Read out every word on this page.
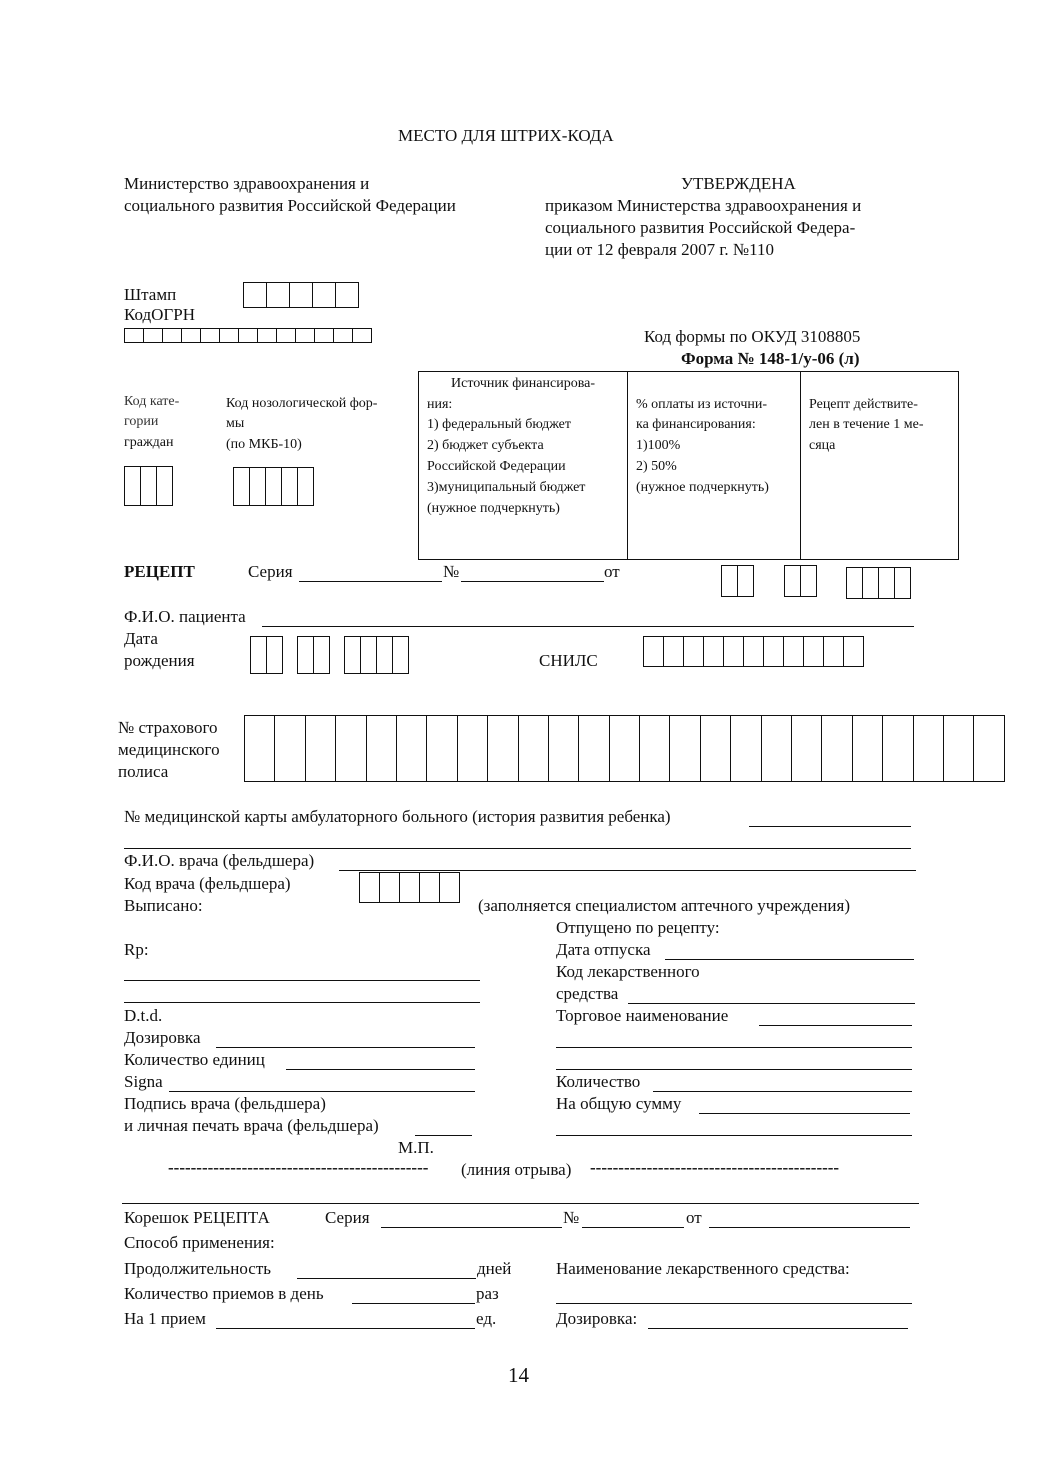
МЕСТО ДЛЯ ШТРИХ-КОДА
Министерство здравоохранения и
социального развития Российской Федерации
УТВЕРЖДЕНА
приказом Министерства здравоохранения и
социального развития Российской Федера-
ции от 12 февраля 2007 г. №110
Штамп
КодОГРН
Код формы по ОКУД 3108805
Форма № 148-1/у-06 (л)
Код кате-
гории
граждан
Код нозологической фор-
мы
(по МКБ-10)
Источник финансирова-
ния:
1) федеральный бюджет
2) бюджет субъекта
Российской Федерации
3)муниципальный бюджет
(нужное подчеркнуть)
% оплаты из источни-
ка финансирования:
1)100%
2) 50%
(нужное подчеркнуть)
Рецепт действите-
лен в течение 1 ме-
сяца
РЕЦЕПТ	Серия	№	от
Ф.И.О. пациента
Дата
рождения	СНИЛС
№ страхового
медицинского
полиса
№ медицинской карты амбулаторного больного (история развития ребенка)
Ф.И.О. врача (фельдшера)
Код врача (фельдшера)
Выписано:	(заполняется специалистом аптечного учреждения)
Rp:
D.t.d.
Дозировка
Количество единиц
Signa
Подпись врача (фельдшера)
и личная печать врача (фельдшера)
М.П.
Отпущено по рецепту:
Дата отпуска
Код лекарственного
средства
Торговое наименование
Количество
На общую сумму
---------------------------------------------- (линия отрыва) --------------------------------------------
Корешок РЕЦЕПТА	Серия	№	от
Способ применения:
Продолжительность	дней
Количество приемов в день	раз
На 1 прием	ед.
Наименование лекарственного средства:
Дозировка:
14
